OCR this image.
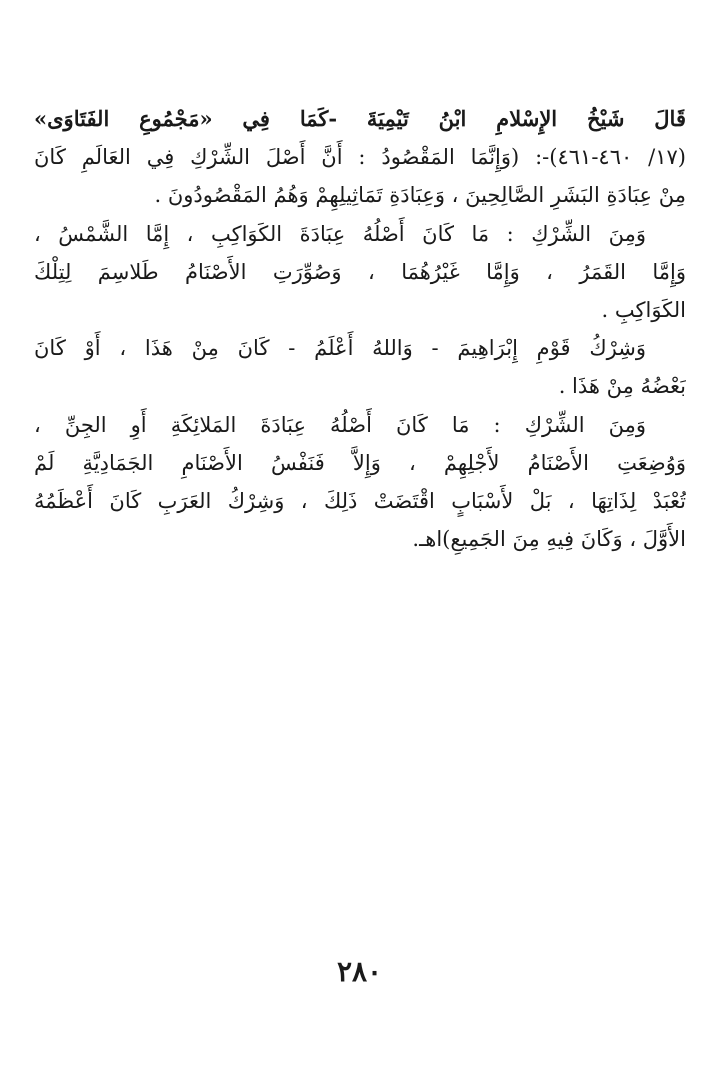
قَالَ شَيْخُ الإِسْلامِ ابْنُ تَيْمِيَةَ -كَمَا فِي «مَجْمُوعِ الفَتَاوَى»
(١٧/ ٤٦٠-٤٦١)-: (وَإِنَّمَا المَقْصُودُ : أَنَّ أَصْلَ الشِّرْكِ فِي العَالَمِ كَانَ
مِنْ عِبَادَةِ البَشَرِ الصَّالِحِينَ ، وَعِبَادَةِ تَمَاثِيلِهِمْ وَهُمُ المَقْصُودُونَ .
وَمِنَ الشِّرْكِ : مَا كَانَ أَصْلُهُ عِبَادَةَ الكَوَاكِبِ ، إِمَّا الشَّمْسُ ،
وَإِمَّا القَمَرُ ، وَإِمَّا غَيْرُهُمَا ، وَصُوِّرَتِ الأَصْنَامُ طَلاسِمَ لِتِلْكَ
الكَوَاكِبِ .
وَشِرْكُ قَوْمِ إِبْرَاهِيمَ - وَاللهُ أَعْلَمُ - كَانَ مِنْ هَذَا ، أَوْ كَانَ
بَعْضُهُ مِنْ هَذَا .
وَمِنَ الشِّرْكِ : مَا كَانَ أَصْلُهُ عِبَادَةَ المَلائِكَةِ أَوِ الجِنِّ ،
وَوُضِعَتِ الأَصْنَامُ لأَجْلِهِمْ ، وَإِلاَّ فَنَفْسُ الأَصْنَامِ الجَمَادِيَّةِ لَمْ
تُعْبَدْ لِذَاتِهَا ، بَلْ لأَسْبَابٍ اقْتَضَتْ ذَلِكَ ، وَشِرْكُ العَرَبِ كَانَ أَعْظَمُهُ
الأَوَّلَ ، وَكَانَ فِيهِ مِنَ الجَمِيعِ)اهـ.
٢٨٠
